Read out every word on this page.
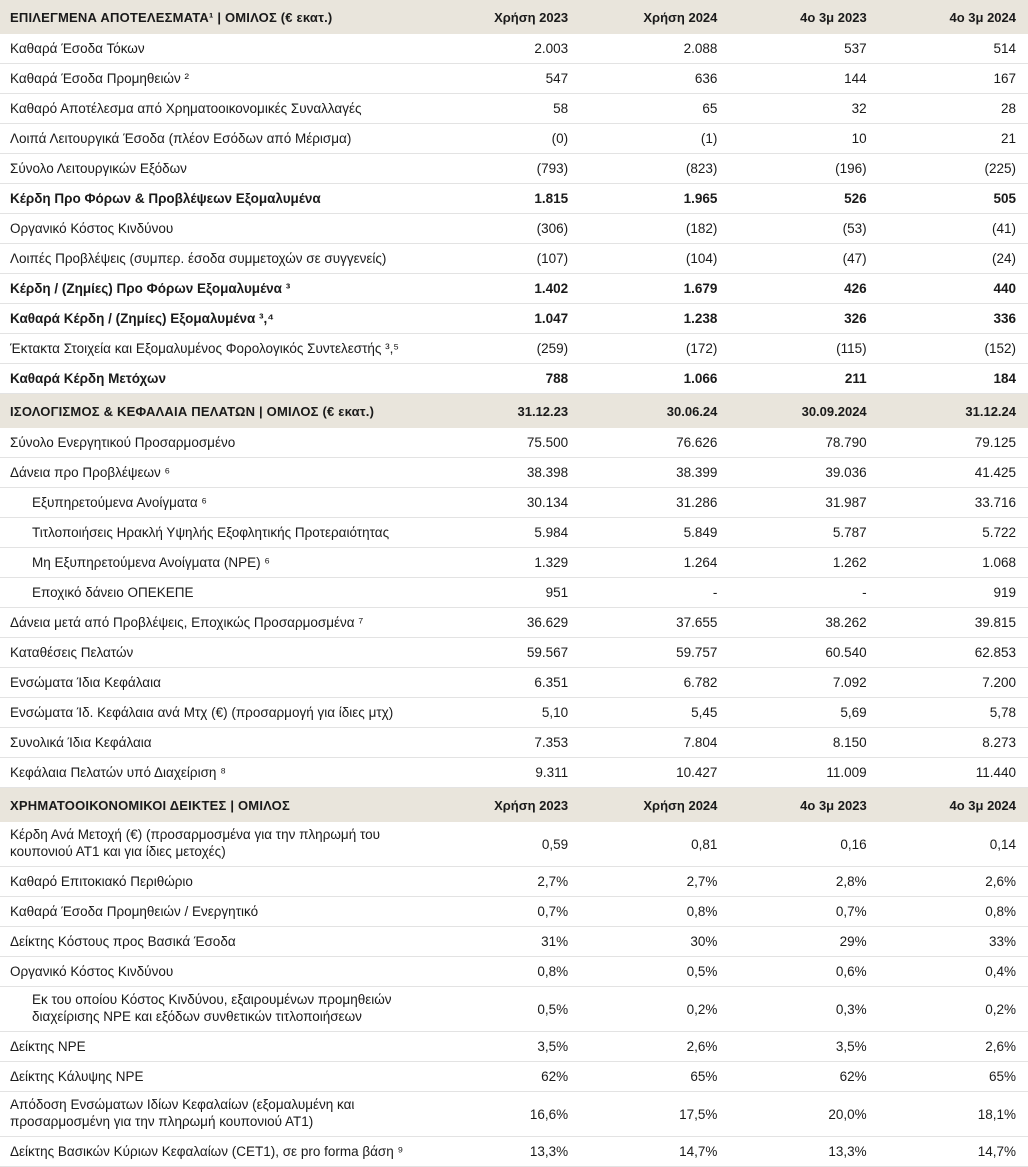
ΕΠΙΛΕΓΜΕΝΑ ΑΠΟΤΕΛΕΣΜΑΤΑ¹ | ΟΜΙΛΟΣ (€ εκατ.)	Χρήση 2023	Χρήση 2024	4ο 3μ 2023	4ο 3μ 2024
Καθαρά Έσοδα Τόκων	2.003	2.088	537	514
Καθαρά Έσοδα Προμηθειών ²	547	636	144	167
Καθαρό Αποτέλεσμα από Χρηματοοικονομικές Συναλλαγές	58	65	32	28
Λοιπά Λειτουργικά Έσοδα (πλέον Εσόδων από Μέρισμα)	(0)	(1)	10	21
Σύνολο Λειτουργικών Εξόδων	(793)	(823)	(196)	(225)
Κέρδη Προ Φόρων & Προβλέψεων Εξομαλυμένα	1.815	1.965	526	505
Οργανικό Κόστος Κινδύνου	(306)	(182)	(53)	(41)
Λοιπές Προβλέψεις (συμπερ. έσοδα συμμετοχών σε συγγενείς)	(107)	(104)	(47)	(24)
Κέρδη / (Ζημίες) Προ Φόρων Εξομαλυμένα ³	1.402	1.679	426	440
Καθαρά Κέρδη / (Ζημίες) Εξομαλυμένα ³,⁴	1.047	1.238	326	336
Έκτακτα Στοιχεία και Εξομαλυμένος Φορολογικός Συντελεστής ³,⁵	(259)	(172)	(115)	(152)
Καθαρά Κέρδη Μετόχων	788	1.066	211	184
ΙΣΟΛΟΓΙΣΜΟΣ & ΚΕΦΑΛΑΙΑ ΠΕΛΑΤΩΝ | ΟΜΙΛΟΣ (€ εκατ.)	31.12.23	30.06.24	30.09.2024	31.12.24
Σύνολο Ενεργητικού Προσαρμοσμένο	75.500	76.626	78.790	79.125
Δάνεια προ Προβλέψεων ⁶	38.398	38.399	39.036	41.425
Εξυπηρετούμενα Ανοίγματα ⁶	30.134	31.286	31.987	33.716
Τιτλοποιήσεις Ηρακλή Υψηλής Εξοφλητικής Προτεραιότητας	5.984	5.849	5.787	5.722
Μη Εξυπηρετούμενα Ανοίγματα (NPE) ⁶	1.329	1.264	1.262	1.068
Εποχικό δάνειο ΟΠΕΚΕΠΕ	951	-	-	919
Δάνεια μετά από Προβλέψεις, Εποχικώς Προσαρμοσμένα ⁷	36.629	37.655	38.262	39.815
Καταθέσεις Πελατών	59.567	59.757	60.540	62.853
Ενσώματα Ίδια Κεφάλαια	6.351	6.782	7.092	7.200
Ενσώματα Ίδ. Κεφάλαια ανά Μτχ (€) (προσαρμογή για ίδιες μτχ)	5,10	5,45	5,69	5,78
Συνολικά Ίδια Κεφάλαια	7.353	7.804	8.150	8.273
Κεφάλαια Πελατών υπό Διαχείριση ⁸	9.311	10.427	11.009	11.440
ΧΡΗΜΑΤΟΟΙΚΟΝΟΜΙΚΟΙ ΔΕΙΚΤΕΣ | ΟΜΙΛΟΣ	Χρήση 2023	Χρήση 2024	4ο 3μ 2023	4ο 3μ 2024
Κέρδη Ανά Μετοχή (€) (προσαρμοσμένα για την πληρωμή του κουπονιού ΑΤ1 και για ίδιες μετοχές)	0,59	0,81	0,16	0,14
Καθαρό Επιτοκιακό Περιθώριο	2,7%	2,7%	2,8%	2,6%
Καθαρά Έσοδα Προμηθειών / Ενεργητικό	0,7%	0,8%	0,7%	0,8%
Δείκτης Κόστους προς Βασικά Έσοδα	31%	30%	29%	33%
Οργανικό Κόστος Κινδύνου	0,8%	0,5%	0,6%	0,4%
Εκ του οποίου Κόστος Κινδύνου, εξαιρουμένων προμηθειών διαχείρισης NPE και εξόδων συνθετικών τιτλοποιήσεων	0,5%	0,2%	0,3%	0,2%
Δείκτης NPE	3,5%	2,6%	3,5%	2,6%
Δείκτης Κάλυψης NPE	62%	65%	62%	65%
Απόδοση Ενσώματων Ιδίων Κεφαλαίων (εξομαλυμένη και προσαρμοσμένη για την πληρωμή κουπονιού ΑΤ1)	16,6%	17,5%	20,0%	18,1%
Δείκτης Βασικών Κύριων Κεφαλαίων (CET1), σε pro forma βάση ⁹	13,3%	14,7%	13,3%	14,7%
